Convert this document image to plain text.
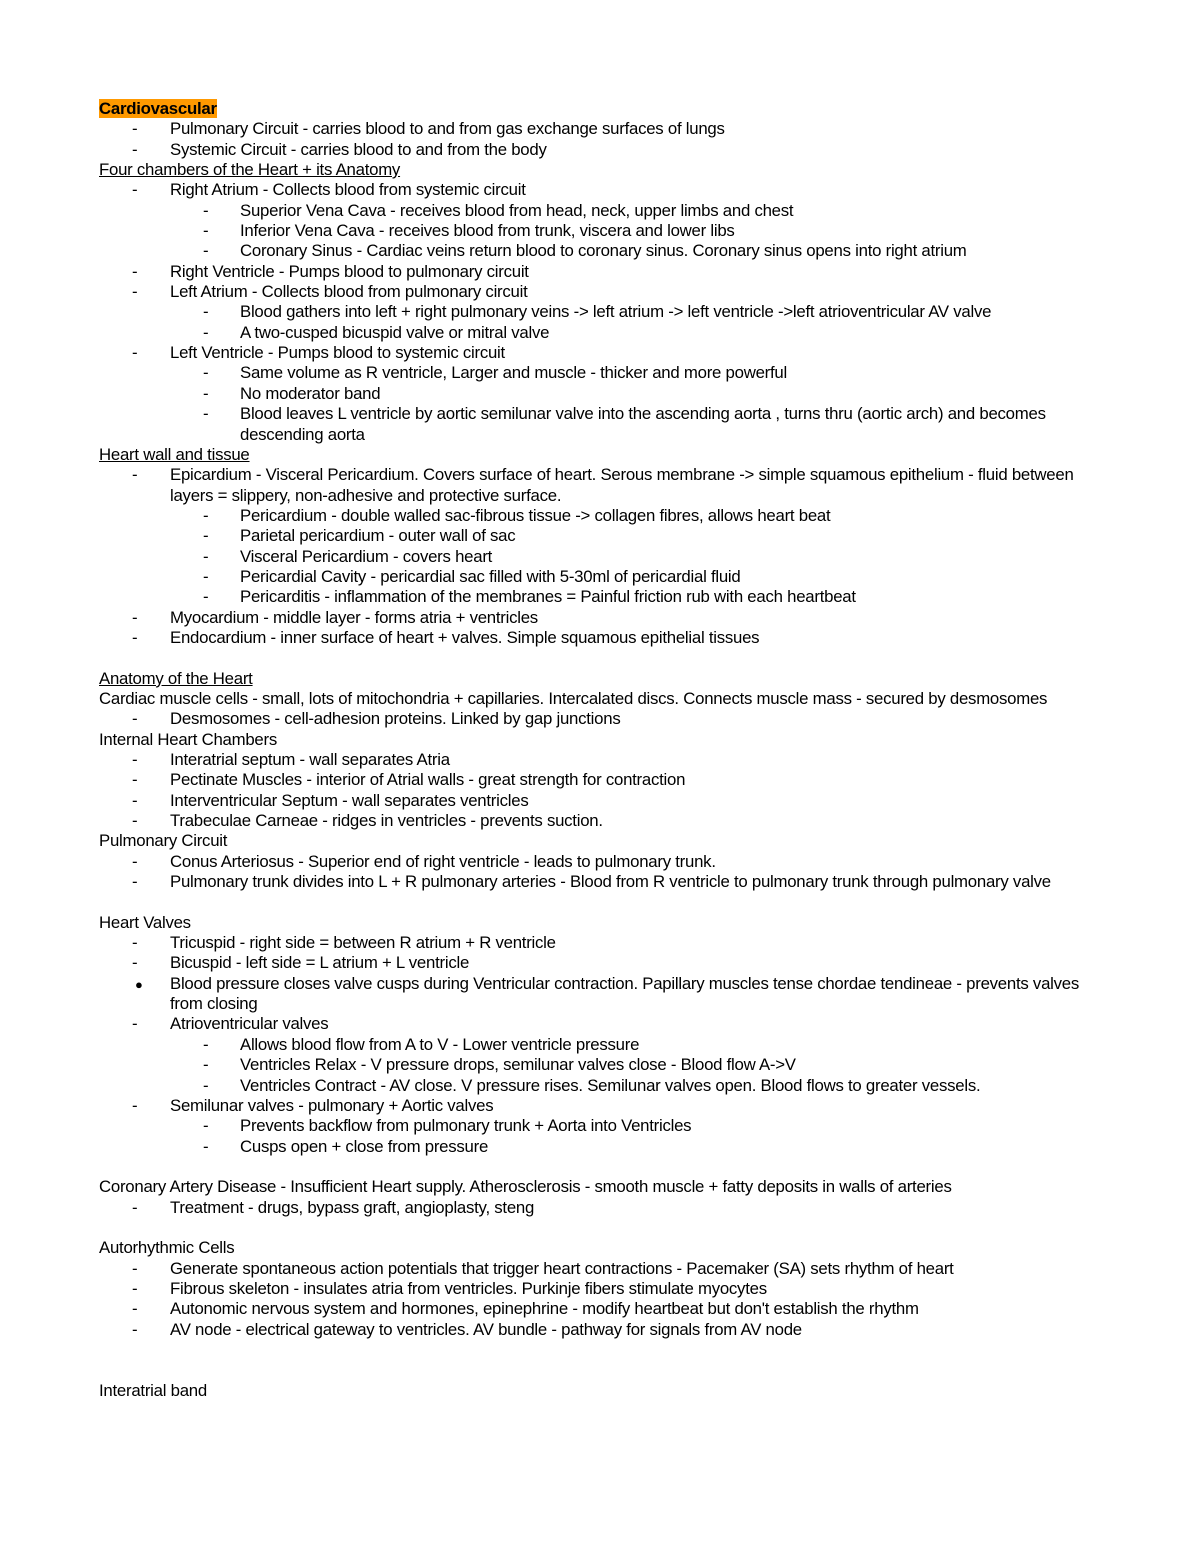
Cardiovascular
- Pulmonary Circuit - carries blood to and from gas exchange surfaces of lungs
- Systemic Circuit - carries blood to and from the body
Four chambers of the Heart + its Anatomy
- Right Atrium - Collects blood from systemic circuit
- Superior Vena Cava - receives blood from head, neck, upper limbs and chest
- Inferior Vena Cava - receives blood from trunk, viscera and lower libs
- Coronary Sinus - Cardiac veins return blood to coronary sinus. Coronary sinus opens into right atrium
- Right Ventricle - Pumps blood to pulmonary circuit
- Left Atrium - Collects blood from pulmonary circuit
- Blood gathers into left + right pulmonary veins -> left atrium -> left ventricle ->left atrioventricular AV valve
- A two-cusped bicuspid valve or mitral valve
- Left Ventricle - Pumps blood to systemic circuit
- Same volume as R ventricle, Larger and muscle - thicker and more powerful
- No moderator band
- Blood leaves L ventricle by aortic semilunar valve into the ascending aorta , turns thru (aortic arch) and becomes descending aorta
Heart wall and tissue
- Epicardium - Visceral Pericardium. Covers surface of heart. Serous membrane -> simple squamous epithelium - fluid between layers = slippery, non-adhesive and protective surface.
- Pericardium - double walled sac-fibrous tissue -> collagen fibres, allows heart beat
- Parietal pericardium - outer wall of sac
- Visceral Pericardium - covers heart
- Pericardial Cavity - pericardial sac filled with 5-30ml of pericardial fluid
- Pericarditis - inflammation of the membranes = Painful friction rub with each heartbeat
- Myocardium - middle layer - forms atria + ventricles
- Endocardium - inner surface of heart + valves. Simple squamous epithelial tissues
Anatomy of the Heart
Cardiac muscle cells - small, lots of mitochondria + capillaries. Intercalated discs. Connects muscle mass - secured by desmosomes
- Desmosomes - cell-adhesion proteins. Linked by gap junctions
Internal Heart Chambers
- Interatrial septum - wall separates Atria
- Pectinate Muscles - interior of Atrial walls - great strength for contraction
- Interventricular Septum - wall separates ventricles
- Trabeculae Carneae - ridges in ventricles - prevents suction.
Pulmonary Circuit
- Conus Arteriosus - Superior end of right ventricle - leads to pulmonary trunk.
- Pulmonary trunk divides into L + R pulmonary arteries - Blood from R ventricle to pulmonary trunk through pulmonary valve
Heart Valves
- Tricuspid - right side = between R atrium + R ventricle
- Bicuspid - left side = L atrium + L ventricle
● Blood pressure closes valve cusps during Ventricular contraction. Papillary muscles tense chordae tendineae - prevents valves from closing
- Atrioventricular valves
- Allows blood flow from A to V - Lower ventricle pressure
- Ventricles Relax - V pressure drops, semilunar valves close - Blood flow A->V
- Ventricles Contract - AV close. V pressure rises. Semilunar valves open. Blood flows to greater vessels.
- Semilunar valves - pulmonary + Aortic valves
- Prevents backflow from pulmonary trunk + Aorta into Ventricles
- Cusps open + close from pressure
Coronary Artery Disease - Insufficient Heart supply. Atherosclerosis - smooth muscle + fatty deposits in walls of arteries
- Treatment - drugs, bypass graft, angioplasty, steng
Autorhythmic Cells
- Generate spontaneous action potentials that trigger heart contractions - Pacemaker (SA) sets rhythm of heart
- Fibrous skeleton - insulates atria from ventricles. Purkinje fibers stimulate myocytes
- Autonomic nervous system and hormones, epinephrine - modify heartbeat but don't establish the rhythm
- AV node - electrical gateway to ventricles. AV bundle - pathway for signals from AV node
Interatrial band
